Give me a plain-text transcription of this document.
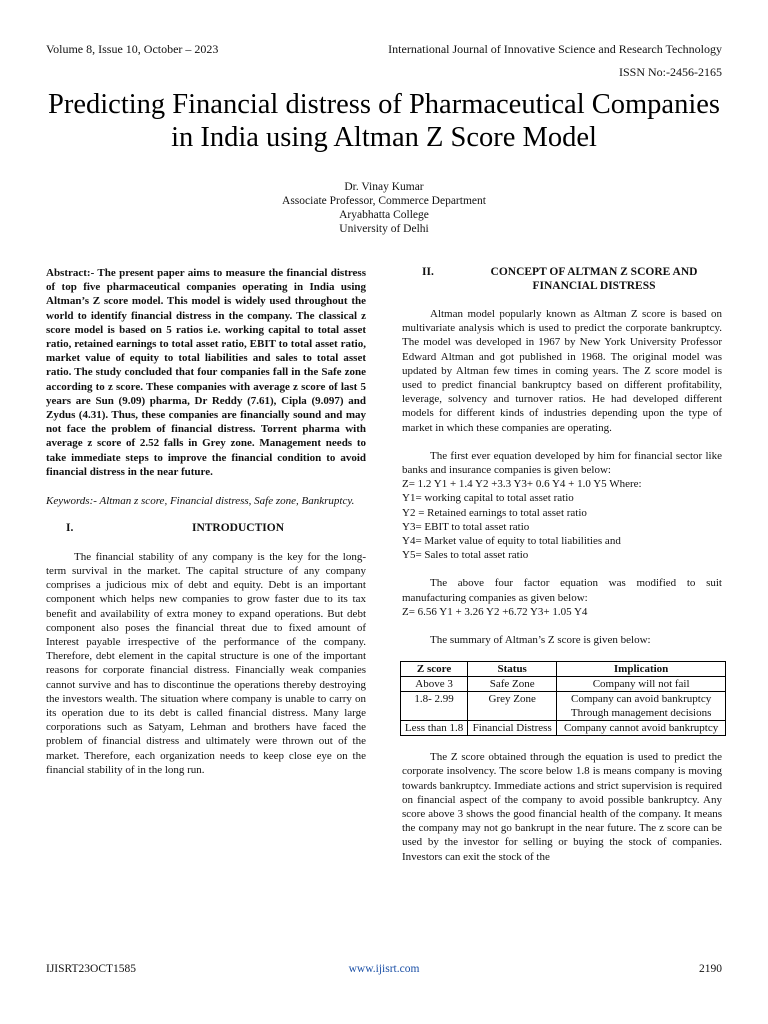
Volume 8, Issue 10, October – 2023	International Journal of Innovative Science and Research Technology
ISSN No:-2456-2165
Predicting Financial distress of Pharmaceutical Companies in India using Altman Z Score Model
Dr. Vinay Kumar
Associate Professor, Commerce Department
Aryabhatta College
University of Delhi

Abstract:- The present paper aims to measure the financial distress of top five pharmaceutical companies operating in India using Altman’s Z score model. This model is widely used throughout the world to identify financial distress in the company. The classical z score model is based on 5 ratios i.e. working capital to total asset ratio, retained earnings to total asset ratio, EBIT to total asset ratio, market value of equity to total liabilities and sales to total asset ratio. The study concluded that four companies fall in the Safe zone according to z score. These companies with average z score of last 5 years are Sun (9.09) pharma, Dr Reddy (7.61), Cipla (9.097) and Zydus (4.31). Thus, these companies are financially sound and may not face the problem of financial distress. Torrent pharma with average z score of 2.52 falls in Grey zone. Management needs to take immediate steps to improve the financial condition to avoid financial distress in the near future.

Keywords:- Altman z score, Financial distress, Safe zone, Bankruptcy.

I.	INTRODUCTION

The financial stability of any company is the key for the long-term survival in the market. The capital structure of any company comprises a judicious mix of debt and equity. Debt is an important component which helps new companies to grow faster due to its tax benefit and availability of extra money to expand operations. But debt component also poses the financial threat due to fixed amount of Interest payable irrespective of the performance of the company. Therefore, debt element in the capital structure is one of the important reasons for corporate financial distress. Financially weak companies cannot survive and has to discontinue the operations thereby destroying the investors wealth. The situation where company is unable to carry on its operation due to its debt is called financial distress. Many large corporations such as Satyam, Lehman and brothers have faced the problem of financial distress and ultimately were thrown out of the market. Therefore, each organization needs to keep close eye on the financial stability of in the long run.

II.	CONCEPT OF ALTMAN Z SCORE AND FINANCIAL DISTRESS

Altman model popularly known as Altman Z score is based on multivariate analysis which is used to predict the corporate bankruptcy. The model was developed in 1967 by New York University Professor Edward Altman and got published in 1968. The original model was updated by Altman few times in coming years. The Z score model is used to predict financial bankruptcy based on different profitability, leverage, solvency and turnover ratios. He had developed different models for different kinds of industries depending upon the type of market in which these companies are operating.

The first ever equation developed by him for financial sector like banks and insurance companies is given below:

Z= 1.2 Y1 + 1.4 Y2 +3.3 Y3+ 0.6 Y4 + 1.0 Y5 Where:
Y1= working capital to total asset ratio
Y2 = Retained earnings to total asset ratio
Y3= EBIT to total asset ratio
Y4= Market value of equity to total liabilities and
Y5= Sales to total asset ratio

The above four factor equation was modified to suit manufacturing companies as given below:

Z= 6.56 Y1 + 3.26 Y2 +6.72 Y3+ 1.05 Y4

The summary of Altman’s Z score is given below:

Z score	Status	Implication
Above 3	Safe Zone	Company will not fail
1.8- 2.99	Grey Zone	Company can avoid bankruptcy
Through management decisions

Less than 1.8	Financial Distress	Company cannot avoid bankruptcy

The Z score obtained through the equation is used to predict the corporate insolvency. The score below 1.8 is means company is moving towards bankruptcy. Immediate actions and strict supervision is required on financial aspect of the company to avoid possible bankruptcy. Any score above 3 shows the good financial health of the company. It means the company may not go bankrupt in the near future. The z score can be used by the investor for selling or buying the stock of companies. Investors can exit the stock of the

IJISRT23OCT1585	www.ijisrt.com	2190
